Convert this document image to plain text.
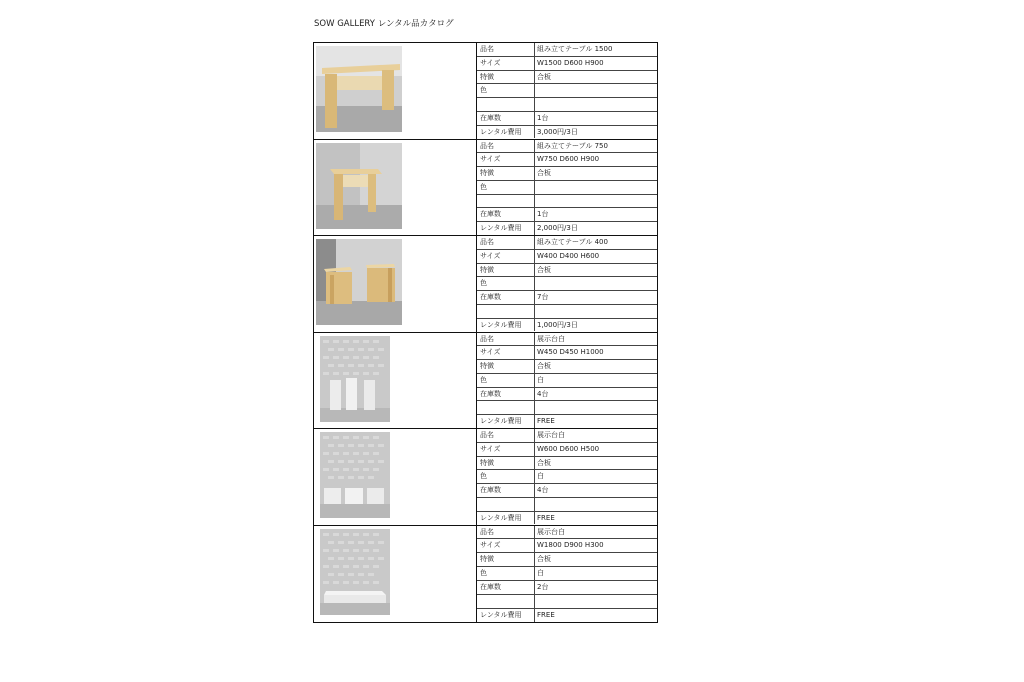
SOW GALLERY レンタル品カタログ
品名	組み立てテーブル 1500
サイズ	W1500 D600 H900
特徴	合板
色
在庫数	1台
レンタル費用	3,000円/3日
品名	組み立てテーブル 750
サイズ	W750 D600 H900
特徴	合板
色
在庫数	1台
レンタル費用	2,000円/3日
品名	組み立てテーブル 400
サイズ	W400 D400 H600
特徴	合板
色
在庫数	7台
レンタル費用	1,000円/3日
品名	展示台白
サイズ	W450 D450 H1000
特徴	合板
色	白
在庫数	4台
レンタル費用	FREE
品名	展示台白
サイズ	W600 D600 H500
特徴	合板
色	白
在庫数	4台
レンタル費用	FREE
品名	展示台白
サイズ	W1800 D900 H300
特徴	合板
色	白
在庫数	2台
レンタル費用	FREE
